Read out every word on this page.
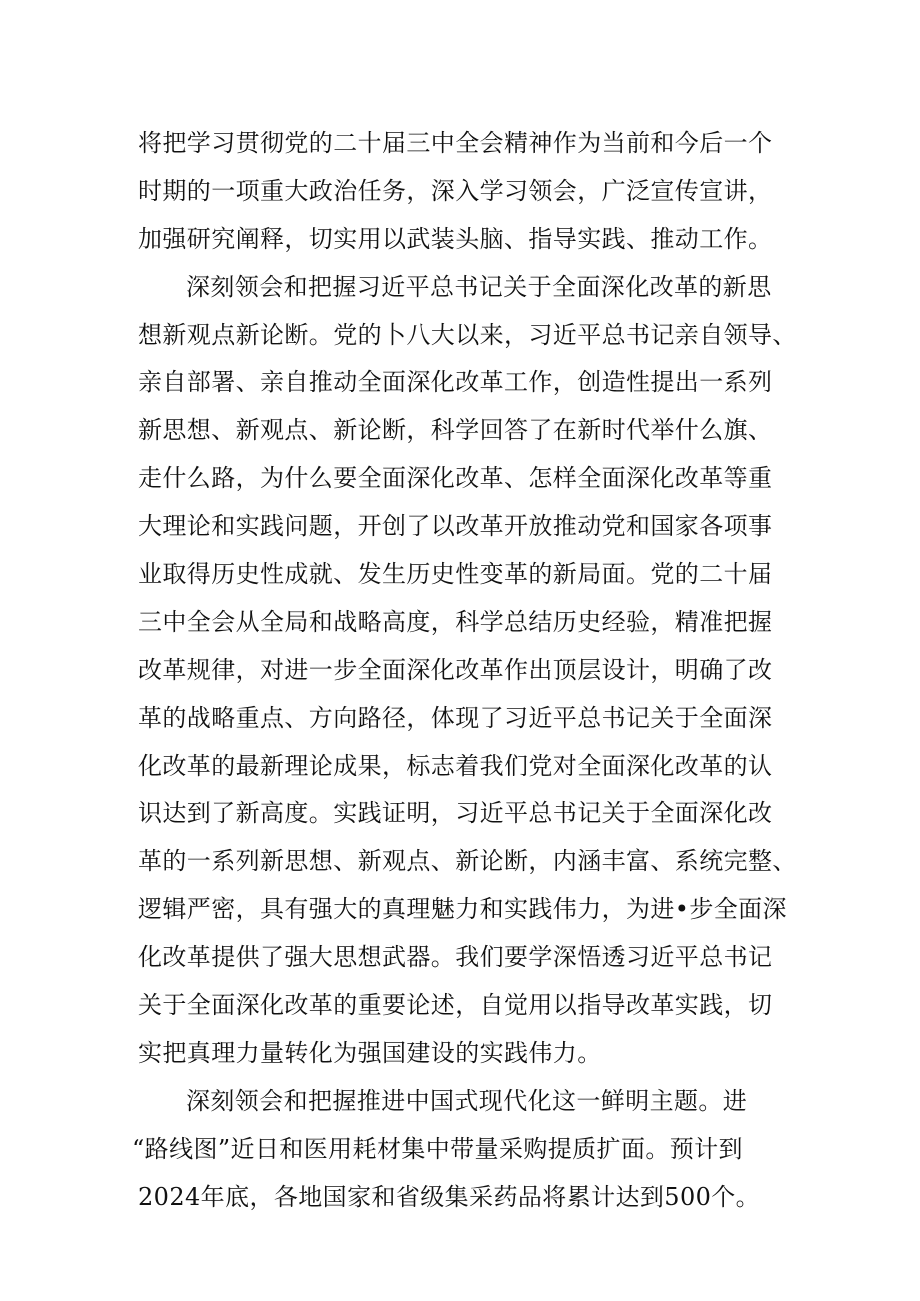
将把学习贯彻党的二十届三中全会精神作为当前和今后一个
时期的一项重大政治任务，深入学习领会，广泛宣传宣讲，
加强研究阐释，切实用以武装头脑、指导实践、推动工作。
深刻领会和把握习近平总书记关于全面深化改革的新思
想新观点新论断。党的卜八大以来，习近平总书记亲自领导、
亲自部署、亲自推动全面深化改革工作，创造性提出一系列
新思想、新观点、新论断，科学回答了在新时代举什么旗、
走什么路，为什么要全面深化改革、怎样全面深化改革等重
大理论和实践问题，开创了以改革开放推动党和国家各项事
业取得历史性成就、发生历史性变革的新局面。党的二十届
三中全会从全局和战略高度，科学总结历史经验，精准把握
改革规律，对进一步全面深化改革作出顶层设计，明确了改
革的战略重点、方向路径，体现了习近平总书记关于全面深
化改革的最新理论成果，标志着我们党对全面深化改革的认
识达到了新高度。实践证明，习近平总书记关于全面深化改
革的一系列新思想、新观点、新论断，内涵丰富、系统完整、
逻辑严密，具有强大的真理魅力和实践伟力，为进•步全面深
化改革提供了强大思想武器。我们要学深悟透习近平总书记
关于全面深化改革的重要论述，自觉用以指导改革实践，切
实把真理力量转化为强国建设的实践伟力。
深刻领会和把握推进中国式现代化这一鲜明主题。进
“路线图”近日和医用耗材集中带量采购提质扩面。预计到
2024年底，各地国家和省级集采药品将累计达到500个。
